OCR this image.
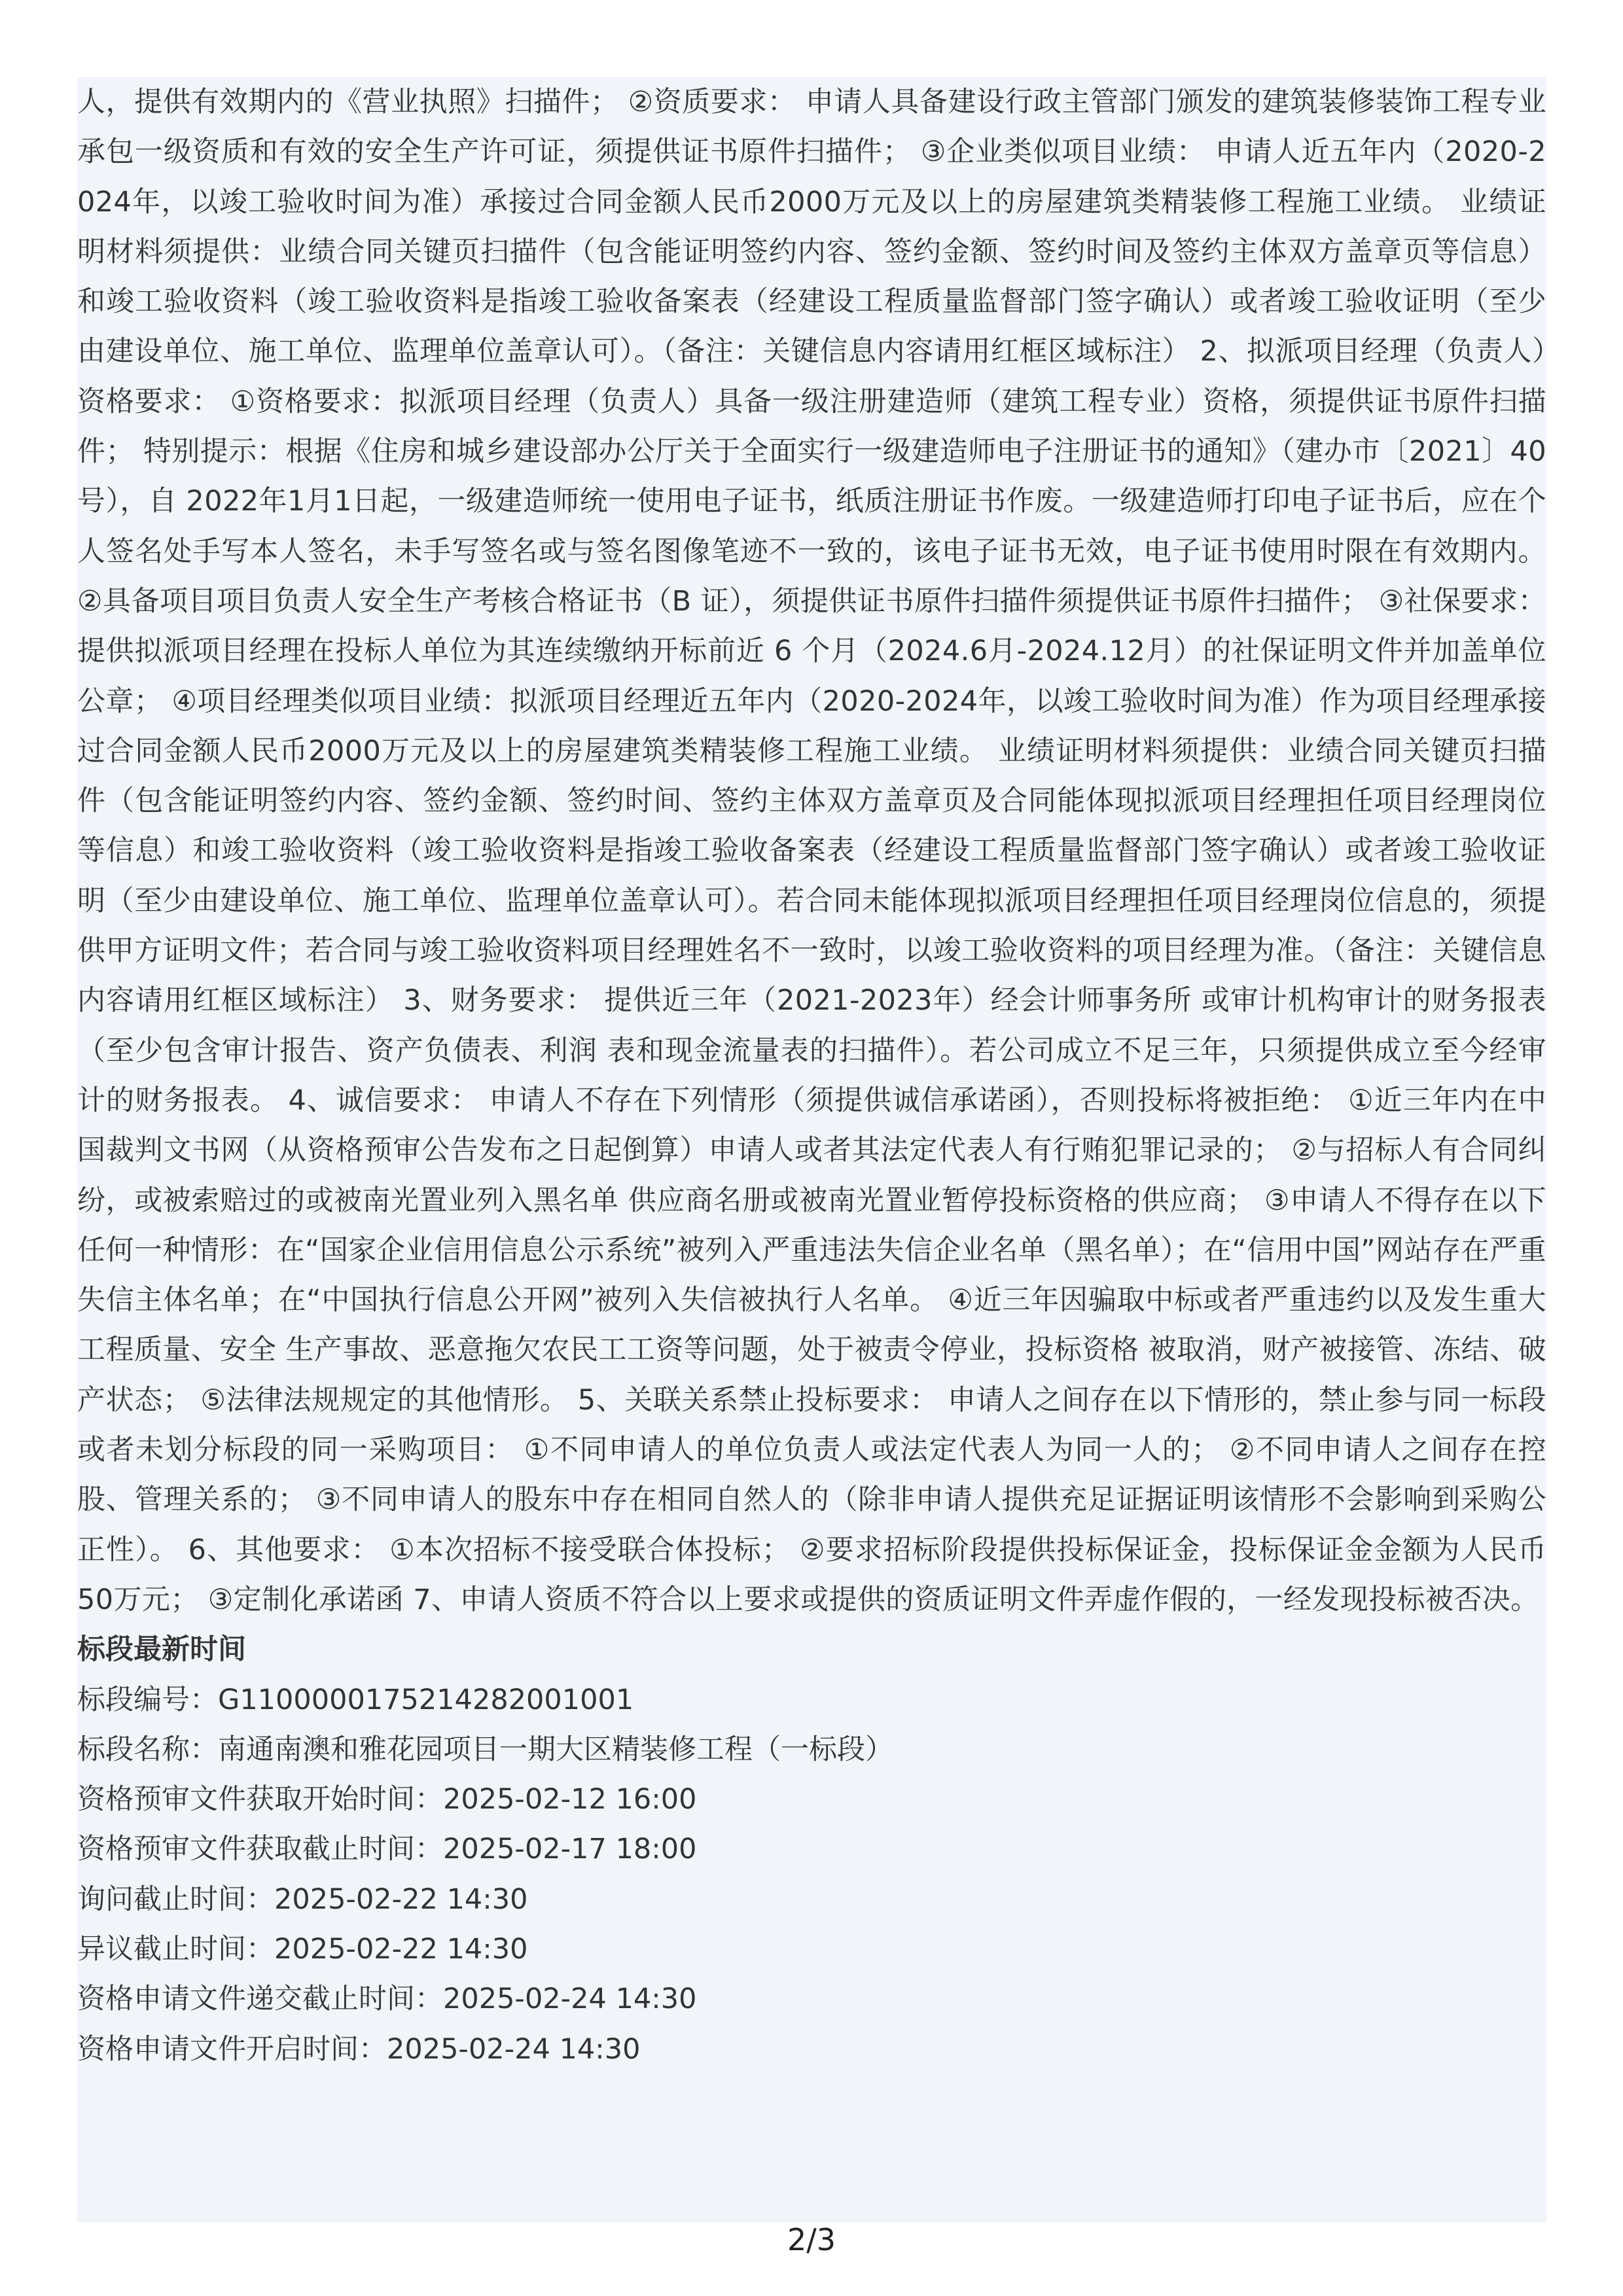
人，提供有效期内的《营业执照》扫描件； ②资质要求： 申请人具备建设行政主管部门颁发的建筑装修装饰工程专业承包一级资质和有效的安全生产许可证，须提供证书原件扫描件； ③企业类似项目业绩： 申请人近五年内（2020-2024年，以竣工验收时间为准）承接过合同金额人民币2000万元及以上的房屋建筑类精装修工程施工业绩。 业绩证明材料须提供：业绩合同关键页扫描件（包含能证明签约内容、签约金额、签约时间及签约主体双方盖章页等信息）和竣工验收资料（竣工验收资料是指竣工验收备案表（经建设工程质量监督部门签字确认）或者竣工验收证明（至少由建设单位、施工单位、监理单位盖章认可）。（备注：关键信息内容请用红框区域标注） 2、拟派项目经理（负责人）资格要求： ①资格要求：拟派项目经理（负责人）具备一级注册建造师（建筑工程专业）资格，须提供证书原件扫描件； 特别提示：根据《住房和城乡建设部办公厅关于全面实行一级建造师电子注册证书的通知》（建办市〔2021〕40 号），自 2022年1月1日起，一级建造师统一使用电子证书，纸质注册证书作废。一级建造师打印电子证书后，应在个人签名处手写本人签名，未手写签名或与签名图像笔迹不一致的，该电子证书无效，电子证书使用时限在有效期内。 ②具备项目项目负责人安全生产考核合格证书（B 证），须提供证书原件扫描件须提供证书原件扫描件； ③社保要求：提供拟派项目经理在投标人单位为其连续缴纳开标前近 6 个月（2024.6月-2024.12月）的社保证明文件并加盖单位公章； ④项目经理类似项目业绩：拟派项目经理近五年内（2020-2024年，以竣工验收时间为准）作为项目经理承接过合同金额人民币2000万元及以上的房屋建筑类精装修工程施工业绩。 业绩证明材料须提供：业绩合同关键页扫描件（包含能证明签约内容、签约金额、签约时间、签约主体双方盖章页及合同能体现拟派项目经理担任项目经理岗位等信息）和竣工验收资料（竣工验收资料是指竣工验收备案表（经建设工程质量监督部门签字确认）或者竣工验收证明（至少由建设单位、施工单位、监理单位盖章认可）。若合同未能体现拟派项目经理担任项目经理岗位信息的，须提供甲方证明文件；若合同与竣工验收资料项目经理姓名不一致时，以竣工验收资料的项目经理为准。（备注：关键信息内容请用红框区域标注） 3、财务要求： 提供近三年（2021-2023年）经会计师事务所 或审计机构审计的财务报表（至少包含审计报告、资产负债表、利润 表和现金流量表的扫描件）。若公司成立不足三年，只须提供成立至今经审计的财务报表。 4、诚信要求： 申请人不存在下列情形（须提供诚信承诺函），否则投标将被拒绝： ①近三年内在中国裁判文书网（从资格预审公告发布之日起倒算）申请人或者其法定代表人有行贿犯罪记录的； ②与招标人有合同纠纷，或被索赔过的或被南光置业列入黑名单 供应商名册或被南光置业暂停投标资格的供应商； ③申请人不得存在以下任何一种情形：在“国家企业信用信息公示系统”被列入严重违法失信企业名单（黑名单）；在“信用中国”网站存在严重失信主体名单；在“中国执行信息公开网”被列入失信被执行人名单。 ④近三年因骗取中标或者严重违约以及发生重大工程质量、安全 生产事故、恶意拖欠农民工工资等问题，处于被责令停业，投标资格 被取消，财产被接管、冻结、破产状态； ⑤法律法规规定的其他情形。 5、关联关系禁止投标要求： 申请人之间存在以下情形的，禁止参与同一标段或者未划分标段的同一采购项目： ①不同申请人的单位负责人或法定代表人为同一人的； ②不同申请人之间存在控股、管理关系的； ③不同申请人的股东中存在相同自然人的（除非申请人提供充足证据证明该情形不会影响到采购公正性）。 6、其他要求： ①本次招标不接受联合体投标； ②要求招标阶段提供投标保证金，投标保证金金额为人民币 50万元； ③定制化承诺函 7、申请人资质不符合以上要求或提供的资质证明文件弄虚作假的，一经发现投标被否决。

标段最新时间

标段编号：G1100000175214282001001
标段名称：南通南澳和雅花园项目一期大区精装修工程（一标段）
资格预审文件获取开始时间：2025-02-12 16:00
资格预审文件获取截止时间：2025-02-17 18:00
询问截止时间：2025-02-22 14:30
异议截止时间：2025-02-22 14:30
资格申请文件递交截止时间：2025-02-24 14:30
资格申请文件开启时间：2025-02-24 14:30
2/3
